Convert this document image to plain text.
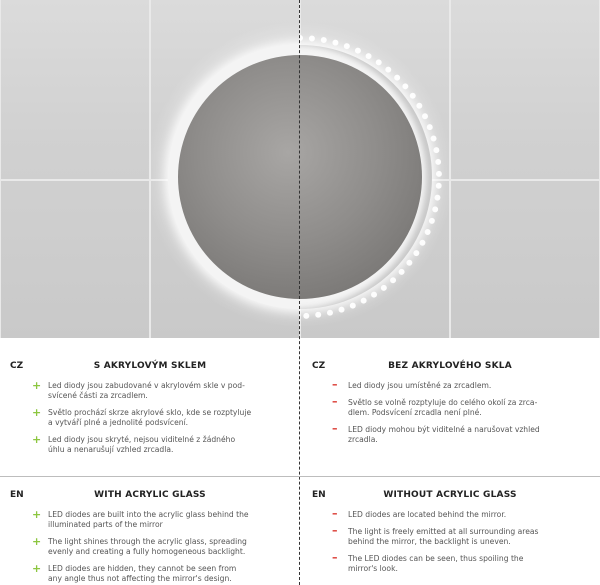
CZ	S AKRYLOVÝM SKLEM
+ Led diody jsou zabudované v akrylovém skle v pod-
svícené části za zrcadlem.
+ Světlo prochází skrze akrylové sklo, kde se rozptyluje
a vytváří plné a jednolité podsvícení.
+ Led diody jsou skryté, nejsou viditelné z žádného
úhlu a nenarušují vzhled zrcadla.
CZ	BEZ AKRYLOVÉHO SKLA
– Led diody jsou umístěné za zrcadlem.
– Světlo se volně rozptyluje do celého okolí za zrca-
dlem. Podsvícení zrcadla není plné.
– LED diody mohou být viditelné a narušovat vzhled
zrcadla.
EN	WITH ACRYLIC GLASS
+ LED diodes are built into the acrylic glass behind the
illuminated parts of the mirror
+ The light shines through the acrylic glass, spreading
evenly and creating a fully homogeneous backlight.
+ LED diodes are hidden, they cannot be seen from
any angle thus not affecting the mirror's design.
EN	WITHOUT ACRYLIC GLASS
– LED diodes are located behind the mirror.
– The light is freely emitted at all surrounding areas
behind the mirror, the backlight is uneven.
– The LED diodes can be seen, thus spoiling the
mirror's look.
